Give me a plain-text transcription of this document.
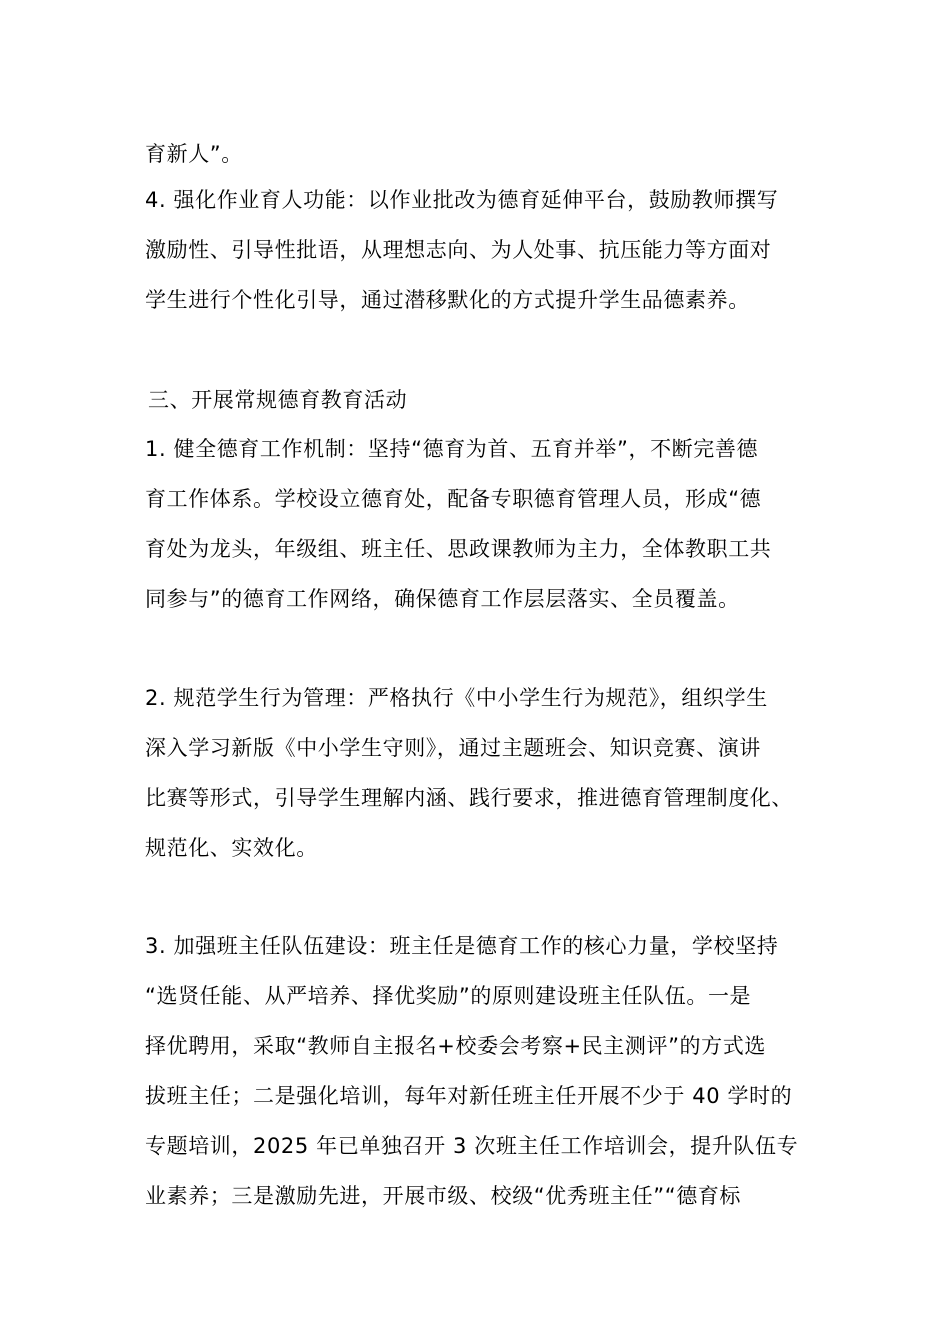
育新人”。
4. 强化作业育人功能：以作业批改为德育延伸平台，鼓励教师撰写
激励性、引导性批语，从理想志向、为人处事、抗压能力等方面对
学生进行个性化引导，通过潜移默化的方式提升学生品德素养。
三、开展常规德育教育活动
1. 健全德育工作机制：坚持“德育为首、五育并举”，不断完善德
育工作体系。学校设立德育处，配备专职德育管理人员，形成“德
育处为龙头，年级组、班主任、思政课教师为主力，全体教职工共
同参与”的德育工作网络，确保德育工作层层落实、全员覆盖。
2. 规范学生行为管理：严格执行《中小学生行为规范》，组织学生
深入学习新版《中小学生守则》，通过主题班会、知识竞赛、演讲
比赛等形式，引导学生理解内涵、践行要求，推进德育管理制度化、
规范化、实效化。
3. 加强班主任队伍建设：班主任是德育工作的核心力量，学校坚持
“选贤任能、从严培养、择优奖励”的原则建设班主任队伍。一是
择优聘用，采取“教师自主报名+校委会考察+民主测评”的方式选
拔班主任；二是强化培训，每年对新任班主任开展不少于 40 学时的
专题培训，2025 年已单独召开 3 次班主任工作培训会，提升队伍专
业素养；三是激励先进，开展市级、校级“优秀班主任”“德育标
